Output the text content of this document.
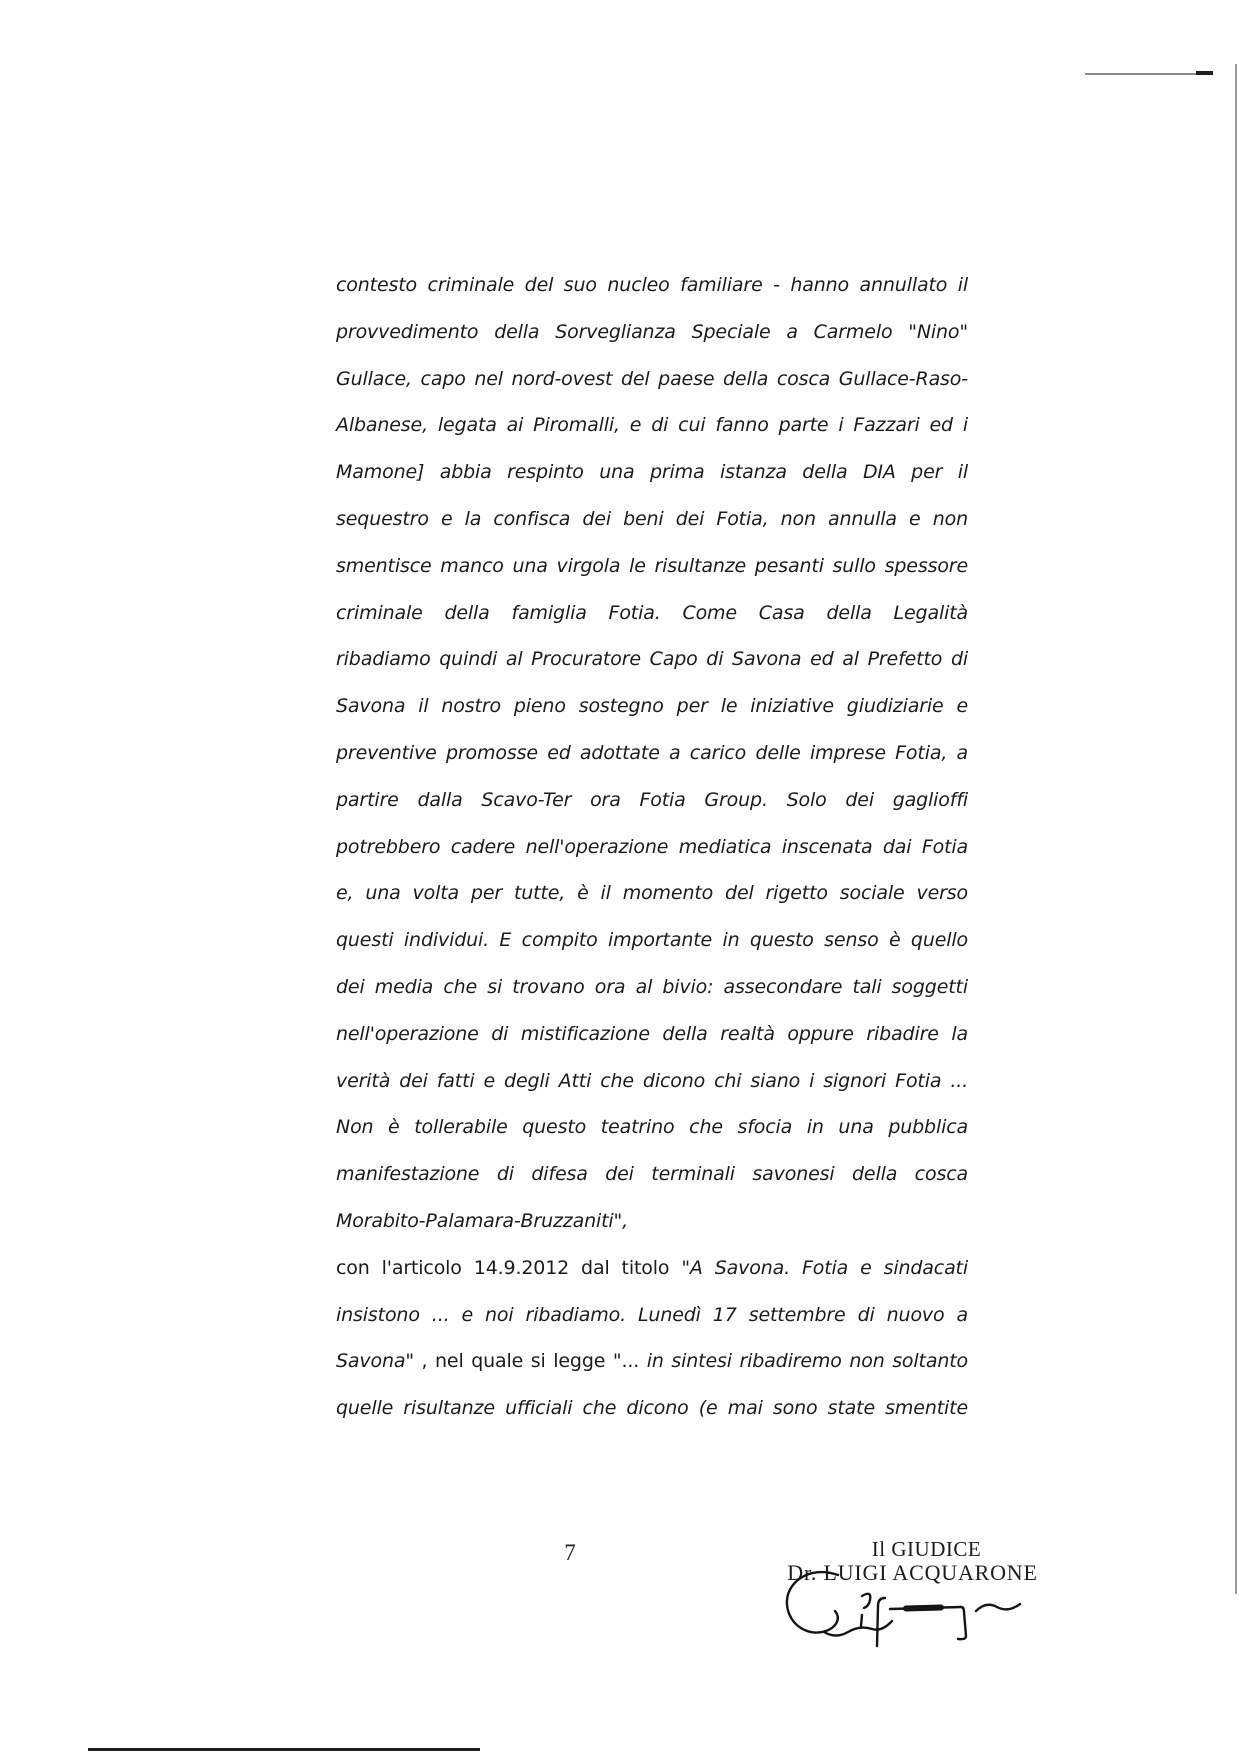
contesto criminale del suo nucleo familiare - hanno annullato il
provvedimento della Sorveglianza Speciale a Carmelo "Nino"
Gullace, capo nel nord-ovest del paese della cosca Gullace-Raso-
Albanese, legata ai Piromalli, e di cui fanno parte i Fazzari ed i
Mamone] abbia respinto una prima istanza della DIA per il
sequestro e la confisca dei beni dei Fotia, non annulla e non
smentisce manco una virgola le risultanze pesanti sullo spessore
criminale della famiglia Fotia. Come Casa della Legalità
ribadiamo quindi al Procuratore Capo di Savona ed al Prefetto di
Savona il nostro pieno sostegno per le iniziative giudiziarie e
preventive promosse ed adottate a carico delle imprese Fotia, a
partire dalla Scavo-Ter ora Fotia Group. Solo dei gaglioffi
potrebbero cadere nell'operazione mediatica inscenata dai Fotia
e, una volta per tutte, è il momento del rigetto sociale verso
questi individui. E compito importante in questo senso è quello
dei media che si trovano ora al bivio: assecondare tali soggetti
nell'operazione di mistificazione della realtà oppure ribadire la
verità dei fatti e degli Atti che dicono chi siano i signori Fotia ...
Non è tollerabile questo teatrino che sfocia in una pubblica
manifestazione di difesa dei terminali savonesi della cosca
Morabito-Palamara-Bruzzaniti",
con l'articolo 14.9.2012 dal titolo "A Savona. Fotia e sindacati
insistono ... e noi ribadiamo. Lunedì 17 settembre di nuovo a
Savona" , nel quale si legge "... in sintesi ribadiremo non soltanto
quelle risultanze ufficiali che dicono (e mai sono state smentite
7	Il GIUDICE
Dr. LUIGI ACQUARONE
